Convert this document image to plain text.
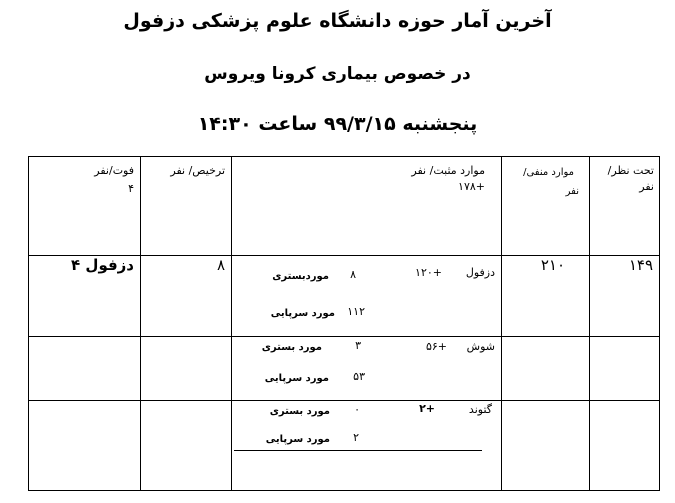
آخرین آمار حوزه دانشگاه علوم پزشکی دزفول
در خصوص بیماری کرونا ویروس
پنجشنبه ۹۹/۳/۱۵ ساعت ۱۴:۳۰
تحت نظر/
نفر
موارد منفی/
نفر
موارد مثبت/ نفر
+۱۷۸
ترخیص/ نفر
فوت/نفر
۴
۱۴۹
۲۱۰
۸
دزفول ۴	دزفول
+۱۲۰
۸
موردبستری
۱۱۲
مورد سرپایی
شوش
+۵۶
۳
مورد بستری
۵۳
مورد سرپایی
گتوند
+۲
۰
مورد بستری
۲
مورد سرپایی
